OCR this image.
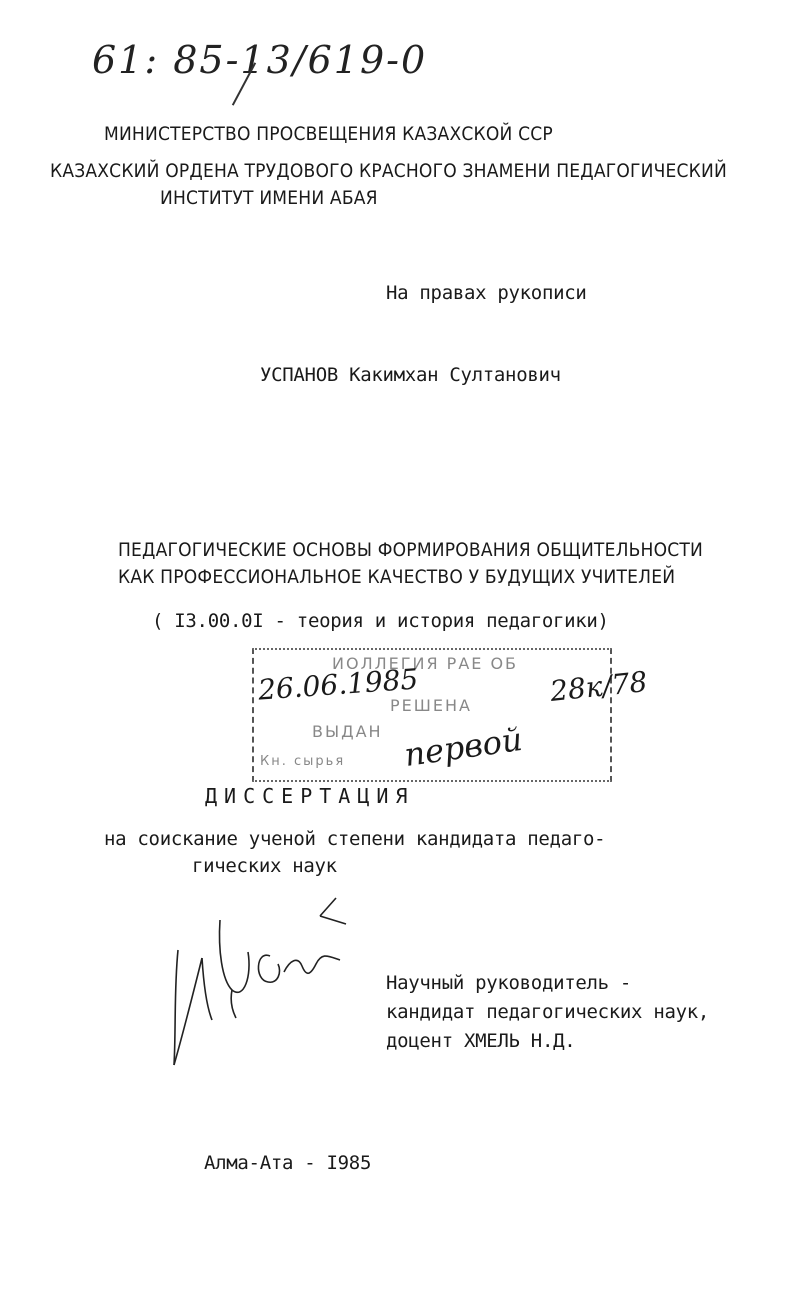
61: 85-13/619-0
МИНИСТЕРСТВО ПРОСВЕЩЕНИЯ КАЗАХСКОЙ ССР
КАЗАХСКИЙ ОРДЕНА ТРУДОВОГО КРАСНОГО ЗНАМЕНИ ПЕДАГОГИЧЕСКИЙ
ИНСТИТУТ ИМЕНИ АБАЯ
На правах рукописи
УСПАНОВ Какимхан Султанович
ПЕДАГОГИЧЕСКИЕ ОСНОВЫ ФОРМИРОВАНИЯ ОБЩИТЕЛЬНОСТИ
КАК ПРОФЕССИОНАЛЬНОЕ КАЧЕСТВО У БУДУЩИХ УЧИТЕЛЕЙ
( I3.00.0I - теория и история педагогики)
ИОЛЛЕГИЯ РАЕ ОБ
РЕШЕНА
ВЫДАН
Кн. сырья
26.06.1985	28к/78
первой
ДИССЕРТАЦИЯ
на соискание ученой степени кандидата педаго-
гических наук
Научный руководитель -
кандидат педагогических наук,
доцент ХМЕЛЬ Н.Д.
Алма-Ата - I985
